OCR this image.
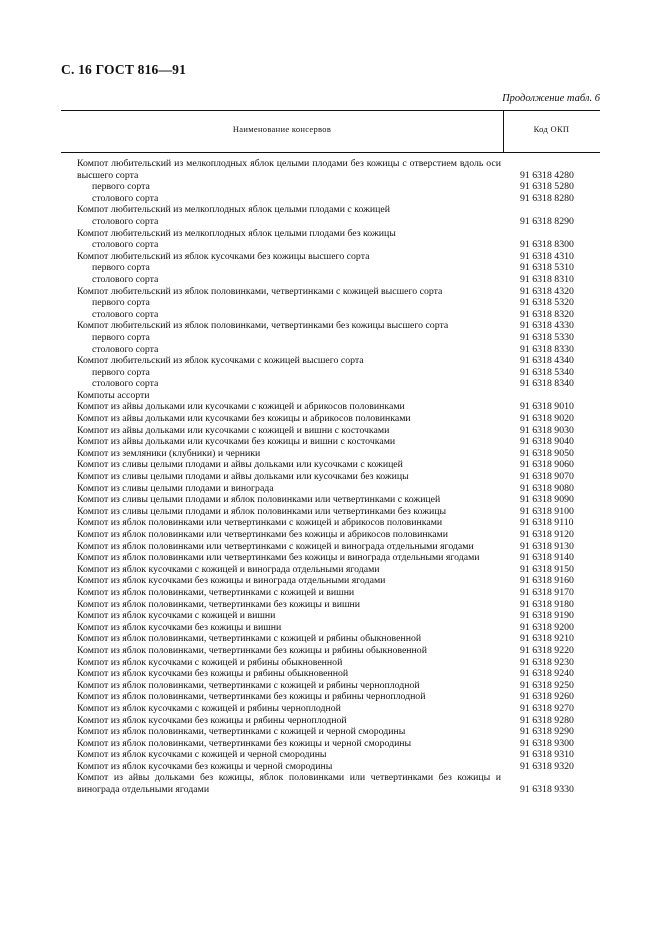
С. 16 ГОСТ 816—91
Продолжение табл. 6
Наименование консервов	Код ОКП
Компот любительский из мелкоплодных яблок целыми плодами без кожицы с отверстием вдоль оси высшего сорта	91 6318 4280
первого сорта	91 6318 5280
столового сорта	91 6318 8280
Компот любительский из мелкоплодных яблок целыми плодами с кожицей
столового сорта	91 6318 8290
Компот любительский из мелкоплодных яблок целыми плодами без кожицы
столового сорта	91 6318 8300
Компот любительский из яблок кусочками без кожицы высшего сорта	91 6318 4310
первого сорта	91 6318 5310
столового сорта	91 6318 8310
Компот любительский из яблок половинками, четвертинками с кожицей высшего сорта	91 6318 4320
первого сорта	91 6318 5320
столового сорта	91 6318 8320
Компот любительский из яблок половинками, четвертинками без кожицы высшего сорта	91 6318 4330
первого сорта	91 6318 5330
столового сорта	91 6318 8330
Компот любительский из яблок кусочками с кожицей высшего сорта	91 6318 4340
первого сорта	91 6318 5340
столового сорта	91 6318 8340
Компоты ассорти
Компот из айвы дольками или кусочками с кожицей и абрикосов половинками	91 6318 9010
Компот из айвы дольками или кусочками без кожицы и абрикосов половинками	91 6318 9020
Компот из айвы дольками или кусочками с кожицей и вишни с косточками	91 6318 9030
Компот из айвы дольками или кусочками без кожицы и вишни с косточками	91 6318 9040
Компот из земляники (клубники) и черники	91 6318 9050
Компот из сливы целыми плодами и айвы дольками или кусочками с кожицей	91 6318 9060
Компот из сливы целыми плодами и айвы дольками или кусочками без кожицы	91 6318 9070
Компот из сливы целыми плодами и винограда	91 6318 9080
Компот из сливы целыми плодами и яблок половинками или четвертинками с кожицей	91 6318 9090
Компот из сливы целыми плодами и яблок половинками или четвертинками без кожицы	91 6318 9100
Компот из яблок половинками или четвертинками с кожицей и абрикосов половинками	91 6318 9110
Компот из яблок половинками или четвертинками без кожицы и абрикосов половинками	91 6318 9120
Компот из яблок половинками или четвертинками с кожицей и винограда отдельными ягодами	91 6318 9130
Компот из яблок половинками или четвертинками без кожицы и винограда отдельными ягодами	91 6318 9140
Компот из яблок кусочками с кожицей и винограда отдельными ягодами	91 6318 9150
Компот из яблок кусочками без кожицы и винограда отдельными ягодами	91 6318 9160
Компот из яблок половинками, четвертинками с кожицей и вишни	91 6318 9170
Компот из яблок половинками, четвертинками без кожицы и вишни	91 6318 9180
Компот из яблок кусочками с кожицей и вишни	91 6318 9190
Компот из яблок кусочками без кожицы и вишни	91 6318 9200
Компот из яблок половинками, четвертинками с кожицей и рябины обыкновенной	91 6318 9210
Компот из яблок половинками, четвертинками без кожицы и рябины обыкновенной	91 6318 9220
Компот из яблок кусочками с кожицей и рябины обыкновенной	91 6318 9230
Компот из яблок кусочками без кожицы и рябины обыкновенной	91 6318 9240
Компот из яблок половинками, четвертинками с кожицей и рябины черноплодной	91 6318 9250
Компот из яблок половинками, четвертинками без кожицы и рябины черноплодной	91 6318 9260
Компот из яблок кусочками с кожицей и рябины черноплодной	91 6318 9270
Компот из яблок кусочками без кожицы и рябины черноплодной	91 6318 9280
Компот из яблок половинками, четвертинками с кожицей и черной смородины	91 6318 9290
Компот из яблок половинками, четвертинками без кожицы и черной смородины	91 6318 9300
Компот из яблок кусочками с кожицей и черной смородины	91 6318 9310
Компот из яблок кусочками без кожицы и черной смородины	91 6318 9320
Компот из айвы дольками без кожицы, яблок половинками или четвертинками без кожицы и винограда отдельными ягодами	91 6318 9330
